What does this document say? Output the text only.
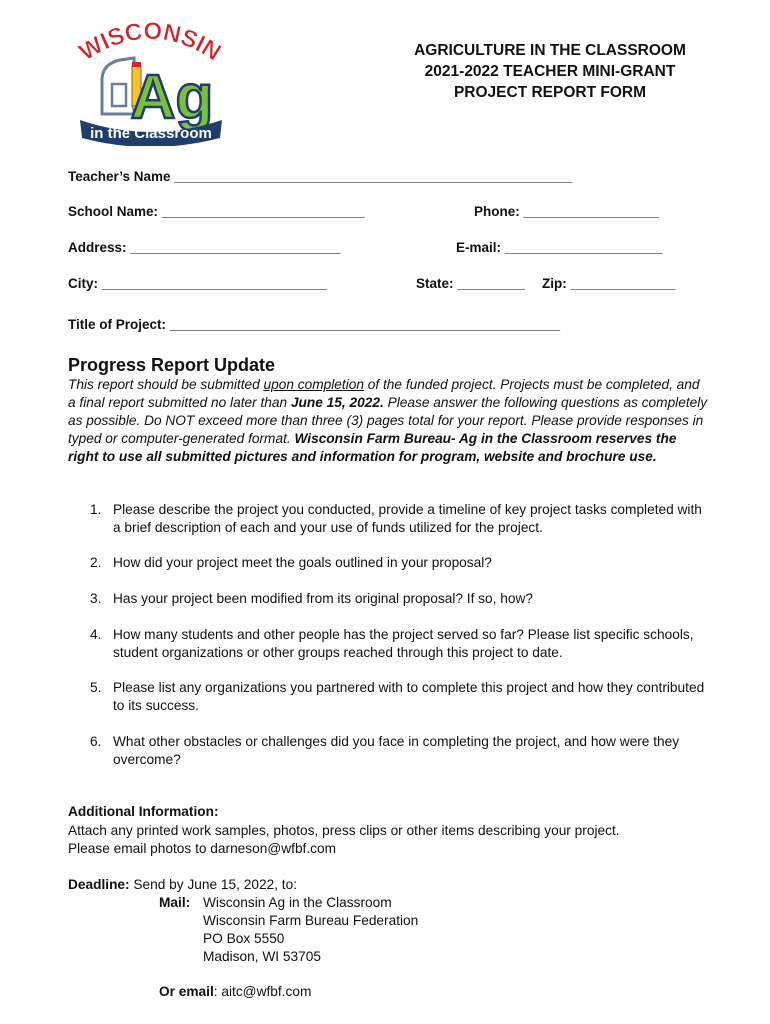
WISCONSIN
Ag
in the Classroom
AGRICULTURE IN THE CLASSROOM
2021-2022 TEACHER MINI-GRANT
PROJECT REPORT FORM
Teacher’s Name _____________________________________________________
School Name: ___________________________	Phone: __________________
Address: ____________________________	E-mail: _____________________
City: ______________________________	State: _________ Zip: ______________
Title of Project: ____________________________________________________
Progress Report Update
This report should be submitted upon completion of the funded project. Projects must be completed, and a final report submitted no later than June 15, 2022. Please answer the following questions as completely as possible. Do NOT exceed more than three (3) pages total for your report. Please provide responses in typed or computer-generated format. Wisconsin Farm Bureau- Ag in the Classroom reserves the right to use all submitted pictures and information for program, website and brochure use.
1. Please describe the project you conducted, provide a timeline of key project tasks completed with a brief description of each and your use of funds utilized for the project.
2. How did your project meet the goals outlined in your proposal?
3. Has your project been modified from its original proposal? If so, how?
4. How many students and other people has the project served so far? Please list specific schools, student organizations or other groups reached through this project to date.
5. Please list any organizations you partnered with to complete this project and how they contributed to its success.
6. What other obstacles or challenges did you face in completing the project, and how were they overcome?
Additional Information:
Attach any printed work samples, photos, press clips or other items describing your project.
Please email photos to darneson@wfbf.com
Deadline: Send by June 15, 2022, to:
Mail: Wisconsin Ag in the Classroom
Wisconsin Farm Bureau Federation
PO Box 5550
Madison, WI 53705
Or email: aitc@wfbf.com
